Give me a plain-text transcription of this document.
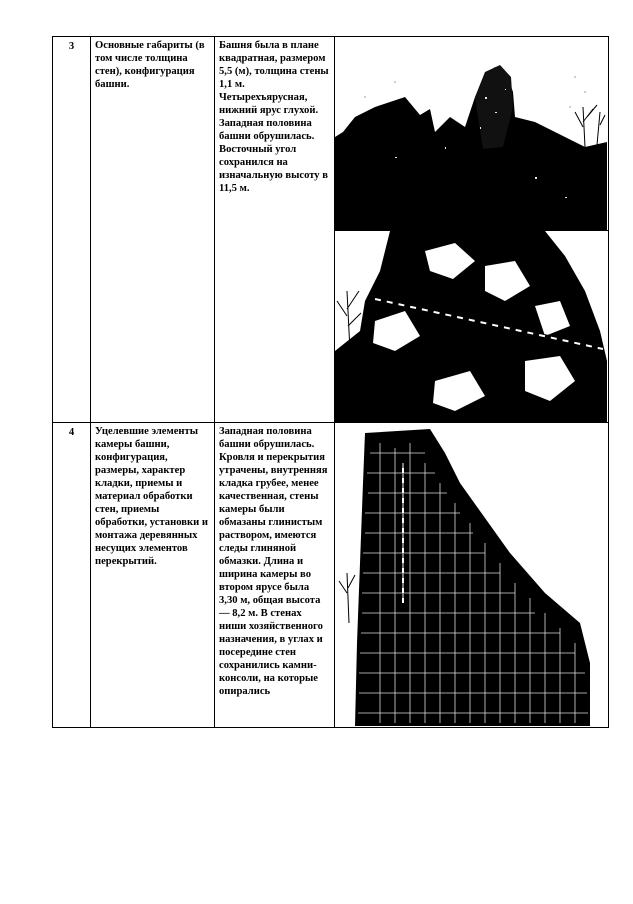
3	Основные габариты (в том числе толщина стен), конфигурация башни.	Башня была в плане квадратная, размером 5,5 (м), толщина стены 1,1 м. Четырехъярусная, нижний ярус глухой. Западная половина башни обрушилась. Восточный угол сохранился на изначальную высоту в 11,5 м.	

4	Уцелевшие элементы камеры башни, конфигурация, размеры, характер кладки, приемы и материал обработки стен, приемы обработки, установки и монтажа деревянных несущих элементов перекрытий.	Западная половина башни обрушилась. Кровля и перекрытия утрачены, внутренняя кладка грубее, менее качественная, стены камеры были обмазаны глинистым раствором, имеются следы глиняной обмазки. Длина и ширина камеры во втором ярусе была 3,30 м, общая высота — 8,2 м. В стенах ниши хозяйственного назначения, в углах и посередине стен сохранились камни-консоли, на которые опирались	
